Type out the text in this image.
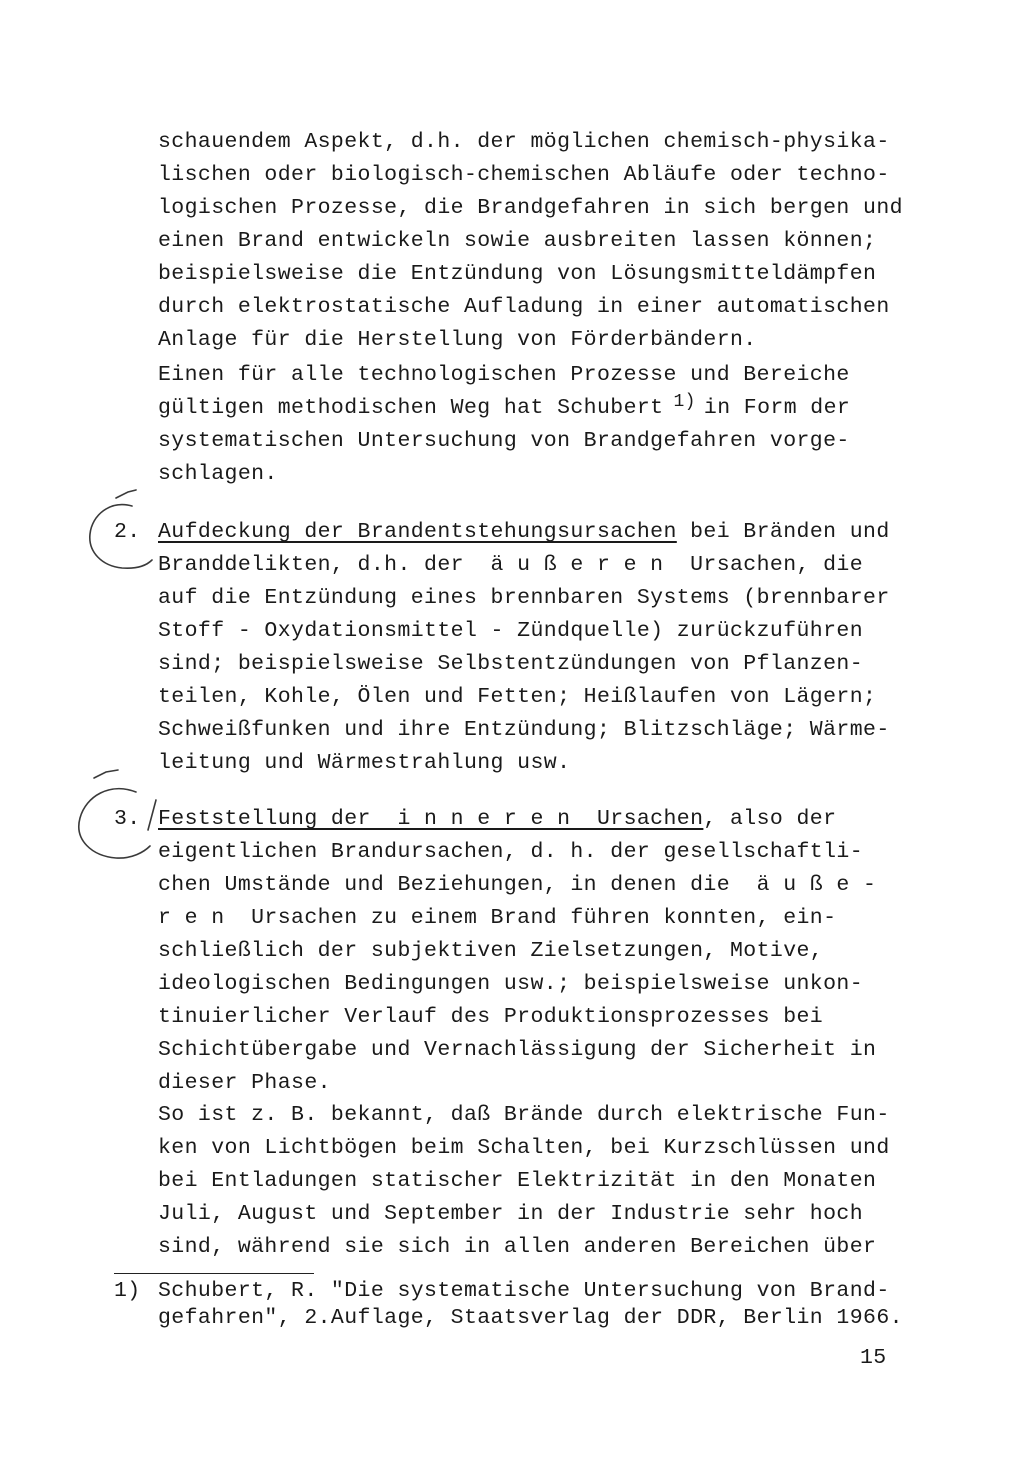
schauendem Aspekt, d.h. der möglichen chemisch-physika-
lischen oder biologisch-chemischen Abläufe oder techno-
logischen Prozesse, die Brandgefahren in sich bergen und
einen Brand entwickeln sowie ausbreiten lassen können;
beispielsweise die Entzündung von Lösungsmitteldämpfen
durch elektrostatische Aufladung in einer automatischen
Anlage für die Herstellung von Förderbändern.
Einen für alle technologischen Prozesse und Bereiche
gültigen methodischen Weg hat Schubert $^{1)}$ in Form der
systematischen Untersuchung von Brandgefahren vorge-
schlagen.
2. Aufdeckung der Brandentstehungsursachen bei Bränden und
Branddelikten, d.h. der  ä u ß e r e n  Ursachen, die
auf die Entzündung eines brennbaren Systems (brennbarer
Stoff - Oxydationsmittel - Zündquelle) zurückzuführen
sind; beispielsweise Selbstentzündungen von Pflanzen-
teilen, Kohle, Ölen und Fetten; Heißlaufen von Lägern;
Schweißfunken und ihre Entzündung; Blitzschläge; Wärme-
leitung und Wärmestrahlung usw.
3. Feststellung der  i n n e r e n  Ursachen, also der
eigentlichen Brandursachen, d. h. der gesellschaftli-
chen Umstände und Beziehungen, in denen die  ä u ß e -
r e n  Ursachen zu einem Brand führen konnten, ein-
schließlich der subjektiven Zielsetzungen, Motive,
ideologischen Bedingungen usw.; beispielsweise unkon-
tinuierlicher Verlauf des Produktionsprozesses bei
Schichtübergabe und Vernachlässigung der Sicherheit in
dieser Phase.
So ist z. B. bekannt, daß Brände durch elektrische Fun-
ken von Lichtbögen beim Schalten, bei Kurzschlüssen und
bei Entladungen statischer Elektrizität in den Monaten
Juli, August und September in der Industrie sehr hoch
sind, während sie sich in allen anderen Bereichen über
1) Schubert, R. "Die systematische Untersuchung von Brand-
gefahren", 2.Auflage, Staatsverlag der DDR, Berlin 1966.
15
